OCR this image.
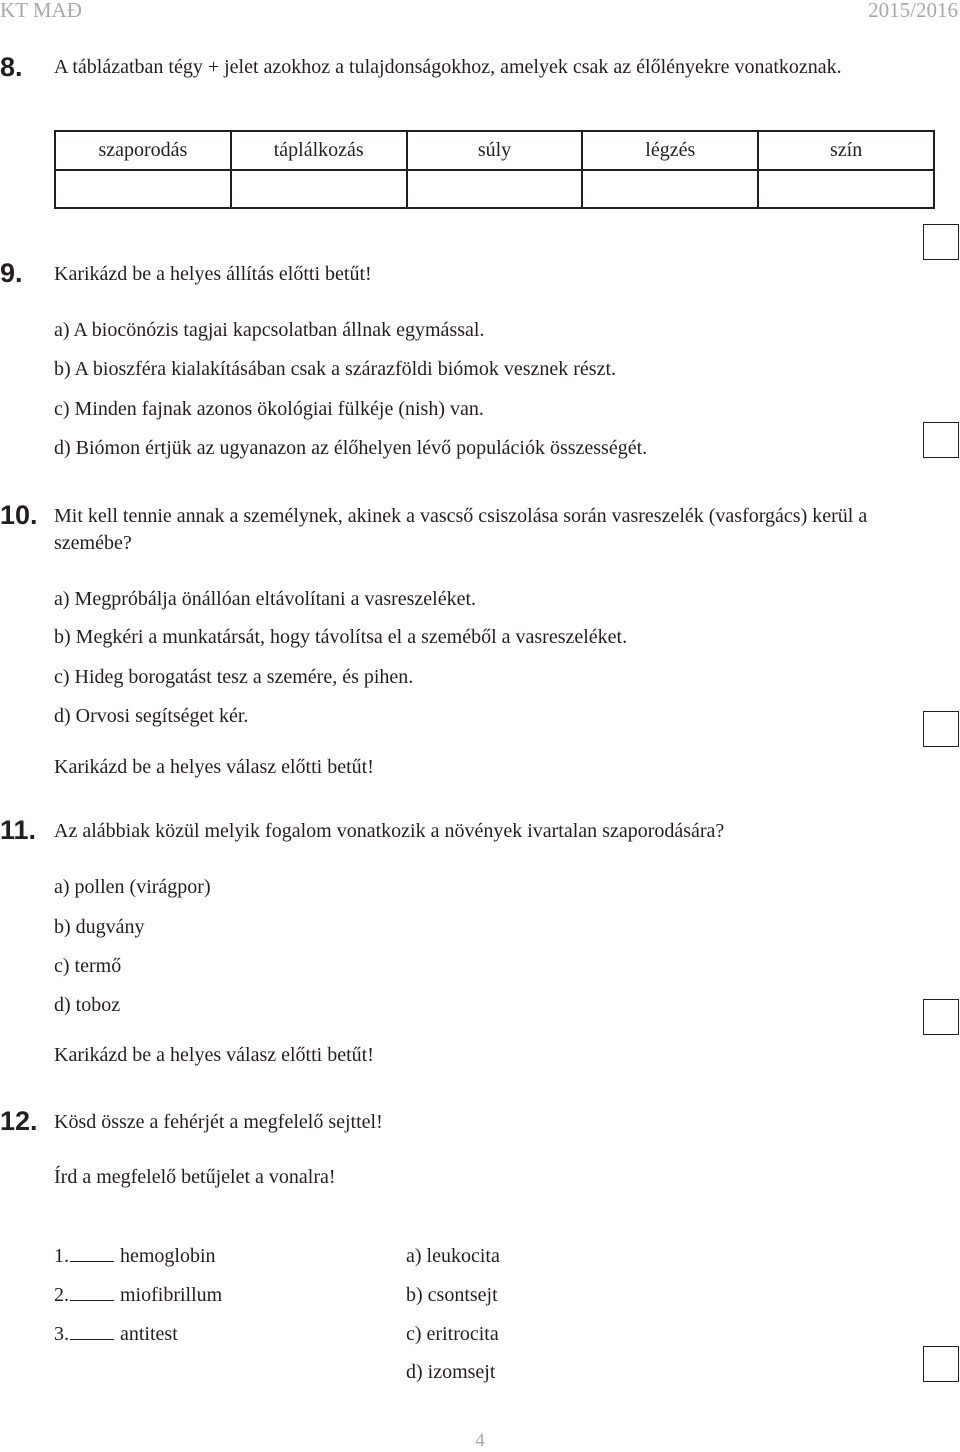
KT MAĐ	2015/2016
8. A táblázatban tégy + jelet azokhoz a tulajdonságokhoz, amelyek csak az élőlényekre vonatkoznak.
szaporodás	táplálkozás	súly	légzés	szín

9. Karikázd be a helyes állítás előtti betűt!
a) A biocönózis tagjai kapcsolatban állnak egymással.
b) A bioszféra kialakításában csak a szárazföldi biómok vesznek részt.
c) Minden fajnak azonos ökológiai fülkéje (nish) van.
d) Biómon értjük az ugyanazon az élőhelyen lévő populációk összességét.
10. Mit kell tennie annak a személynek, akinek a vascső csiszolása során vasreszelék (vasforgács) kerül a
szemébe?
a) Megpróbálja önállóan eltávolítani a vasreszeléket.
b) Megkéri a munkatársát, hogy távolítsa el a szeméből a vasreszeléket.
c) Hideg borogatást tesz a szemére, és pihen.
d) Orvosi segítséget kér.
Karikázd be a helyes válasz előtti betűt!
11. Az alábbiak közül melyik fogalom vonatkozik a növények ivartalan szaporodására?
a) pollen (virágpor)
b) dugvány
c) termő
d) toboz
Karikázd be a helyes válasz előtti betűt!
12. Kösd össze a fehérjét a megfelelő sejttel!
Írd a megfelelő betűjelet a vonalra!
1.	hemoglobin
2.	miofibrillum
3.	antitest
a) leukocita
b) csontsejt
c) eritrocita
d) izomsejt
4
